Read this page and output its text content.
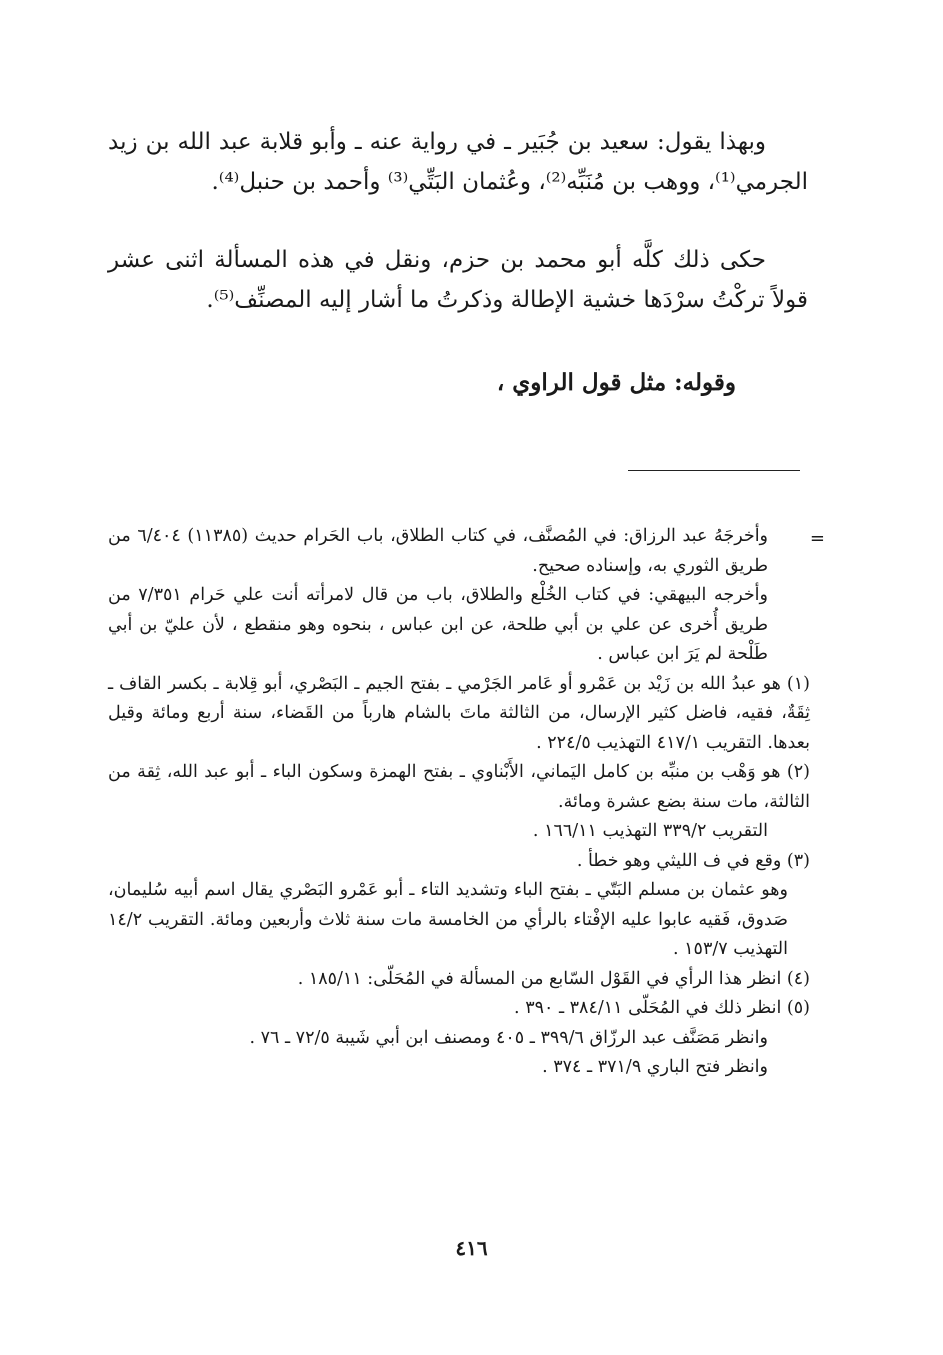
وبهذا يقول: سعيد بن جُبَير ـ في رواية عنه ـ وأبو قلابة عبد الله بن زيد الجرمي⁽¹⁾، ووهب بن مُنَبِّه⁽²⁾، وعُثمان البَتِّي⁽³⁾ وأحمد بن حنبل⁽⁴⁾.

حكى ذلك كلَّه أبو محمد بن حزم، ونقل في هذه المسألة اثنى عشر قولاً تركْتُ سرْدَها خشية الإطالة وذكرتُ ما أشار إليه المصنِّف⁽⁵⁾.

وقوله: مثل قول الراوي ،

=

وأخرجَهُ عبد الرزاق: في المُصنَّف، في كتاب الطلاق، باب الحَرام حديث (١١٣٨٥) ٦/٤٠٤ من طريق الثوري به، وإسناده صحيح.

وأخرجه البيهقي: في كتاب الخُلْع والطلاق، باب من قال لامرأته أنت علي حَرام ٧/٣٥١ من طريق أُخرى عن علي بن أبي طلحة، عن ابن عباس ، بنحوه وهو منقطع ، لأن عليّ بن أبي طَلْحة لم يَرَ ابن عباس .

(١) هو عبدُ الله بن زَيْد بن عَمْرو أو عَامر الجَرْمي ـ بفتح الجيم ـ البَصْري، أبو قِلابة ـ بكسر القاف ـ ثِقَةٌ، فقيه، فاضل كثير الإرسال، من الثالثة ماتَ بالشام هارباً من القَضاء، سنة أربع ومائة وقيل بعدها. التقريب ٤١٧/١ التهذيب ٢٢٤/٥ .

(٢) هو وَهْب بن منبِّه بن كامل اليَماني، الأَبْناوي ـ بفتح الهمزة وسكون الباء ـ أبو عبد الله، ثِقة من الثالثة، مات سنة بضع عشرة ومائة.

التقريب ٣٣٩/٢ التهذيب ١٦٦/١١ .

(٣) وقع في ف الليثي وهو خطأ .

وهو عثمان بن مسلم البَتّي ـ بفتح الباء وتشديد التاء ـ أبو عَمْرو البَصْري يقال اسم أبيه سُليمان، صَدوق، فَقيه عابوا عليه الإفْتاء بالرأي من الخامسة مات سنة ثلاث وأربعين ومائة. التقريب ١٤/٢ التهذيب ١٥٣/٧ .

(٤) انظر هذا الرأي في القَوْل السّابع من المسألة في المُحَلّى: ١٨٥/١١ .

(٥) انظر ذلك في المُحَلّى ٣٨٤/١١ ـ ٣٩٠ .

وانظر مَصَنَّف عبد الرزّاق ٣٩٩/٦ ـ ٤٠٥ ومصنف ابن أبي شَيبة ٧٢/٥ ـ ٧٦ .

وانظر فتح الباري ٣٧١/٩ ـ ٣٧٤ .

٤١٦
